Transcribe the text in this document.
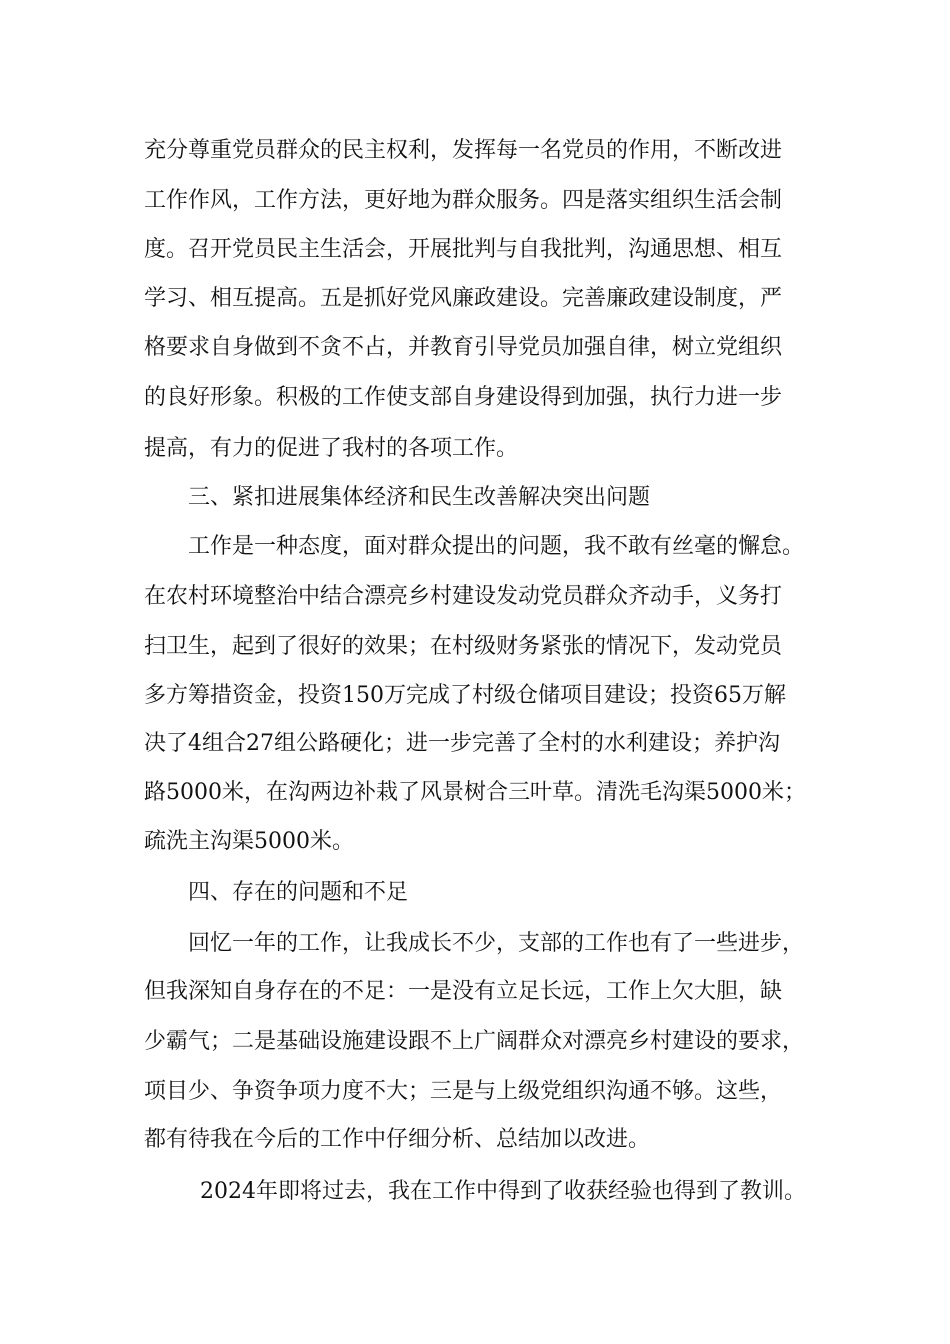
充分尊重党员群众的民主权利，发挥每一名党员的作用，不断改进
工作作风，工作方法，更好地为群众服务。四是落实组织生活会制
度。召开党员民主生活会，开展批判与自我批判，沟通思想、相互
学习、相互提高。五是抓好党风廉政建设。完善廉政建设制度，严
格要求自身做到不贪不占，并教育引导党员加强自律，树立党组织
的良好形象。积极的工作使支部自身建设得到加强，执行力进一步
提高，有力的促进了我村的各项工作。
三、紧扣进展集体经济和民生改善解决突出问题
工作是一种态度，面对群众提出的问题，我不敢有丝毫的懈怠。
在农村环境整治中结合漂亮乡村建设发动党员群众齐动手，义务打
扫卫生，起到了很好的效果；在村级财务紧张的情况下，发动党员
多方筹措资金，投资150万完成了村级仓储项目建设；投资65万解
决了4组合27组公路硬化；进一步完善了全村的水利建设；养护沟
路5000米，在沟两边补栽了风景树合三叶草。清洗毛沟渠5000米；
疏洗主沟渠5000米。
四、存在的问题和不足
回忆一年的工作，让我成长不少，支部的工作也有了一些进步，
但我深知自身存在的不足：一是没有立足长远，工作上欠大胆，缺
少霸气；二是基础设施建设跟不上广阔群众对漂亮乡村建设的要求，
项目少、争资争项力度不大；三是与上级党组织沟通不够。这些，
都有待我在今后的工作中仔细分析、总结加以改进。
2024年即将过去，我在工作中得到了收获经验也得到了教训。
